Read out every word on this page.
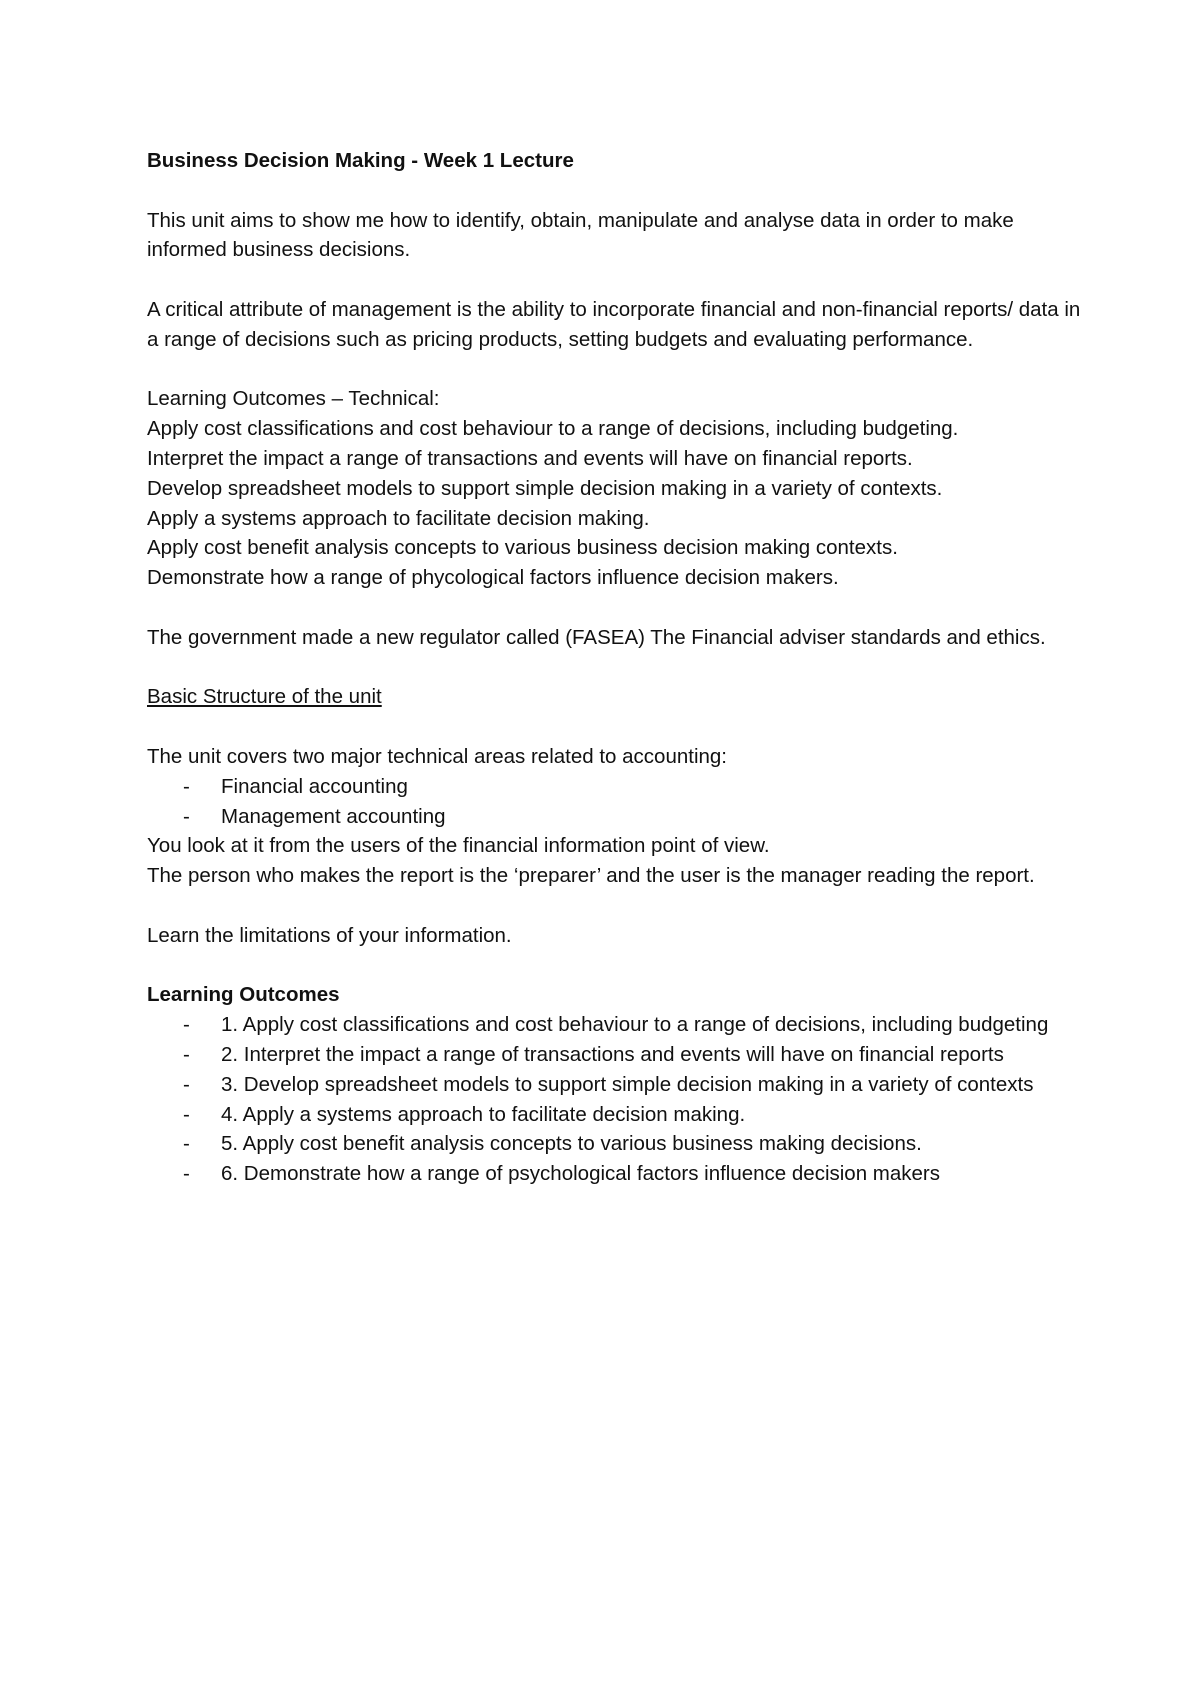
Business Decision Making - Week 1 Lecture

This unit aims to show me how to identify, obtain, manipulate and analyse data in order to make informed business decisions.

A critical attribute of management is the ability to incorporate financial and non-financial reports/ data in a range of decisions such as pricing products, setting budgets and evaluating performance.

Learning Outcomes – Technical:
Apply cost classifications and cost behaviour to a range of decisions, including budgeting.
Interpret the impact a range of transactions and events will have on financial reports.
Develop spreadsheet models to support simple decision making in a variety of contexts.
Apply a systems approach to facilitate decision making.
Apply cost benefit analysis concepts to various business decision making contexts.
Demonstrate how a range of phycological factors influence decision makers.

The government made a new regulator called (FASEA) The Financial adviser standards and ethics.

Basic Structure of the unit

The unit covers two major technical areas related to accounting:
- Financial accounting
- Management accounting
You look at it from the users of the financial information point of view.
The person who makes the report is the ‘preparer’ and the user is the manager reading the report.

Learn the limitations of your information.

Learning Outcomes
- 1. Apply cost classifications and cost behaviour to a range of decisions, including budgeting
- 2. Interpret the impact a range of transactions and events will have on financial reports
- 3. Develop spreadsheet models to support simple decision making in a variety of contexts
- 4. Apply a systems approach to facilitate decision making.
- 5. Apply cost benefit analysis concepts to various business making decisions.
- 6. Demonstrate how a range of psychological factors influence decision makers
